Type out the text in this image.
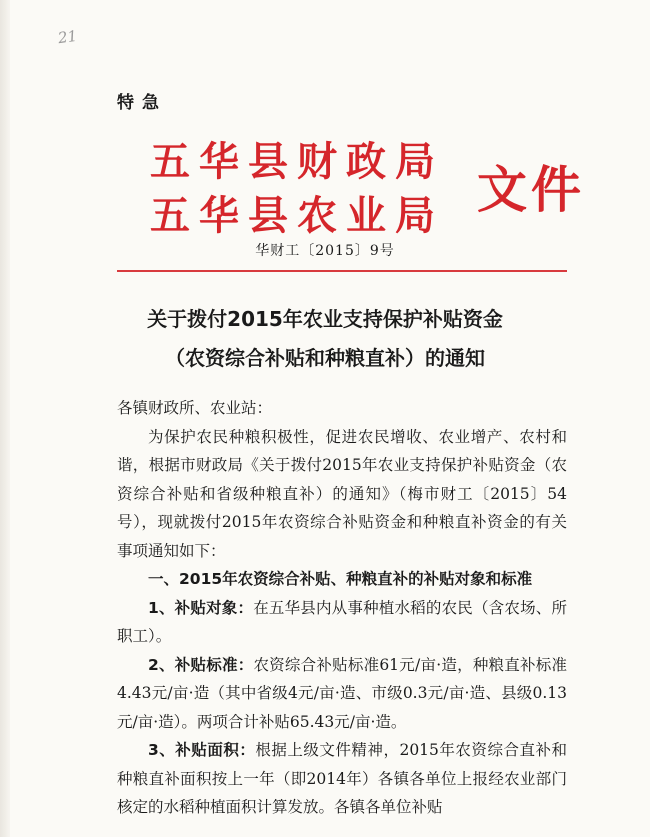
21
特急
五华县财政局
五华县农业局 文件
华财工〔2015〕9号
关于拨付2015年农业支持保护补贴资金
（农资综合补贴和种粮直补）的通知

各镇财政所、农业站：

为保护农民种粮积极性，促进农民增收、农业增产、农村和谐，根据市财政局《关于拨付2015年农业支持保护补贴资金（农资综合补贴和省级种粮直补）的通知》（梅市财工〔2015〕54号），现就拨付2015年农资综合补贴资金和种粮直补资金的有关事项通知如下：

一、2015年农资综合补贴、种粮直补的补贴对象和标准

1、补贴对象：在五华县内从事种植水稻的农民（含农场、所职工）。

2、补贴标准：农资综合补贴标准61元/亩·造，种粮直补标准4.43元/亩·造（其中省级4元/亩·造、市级0.3元/亩·造、县级0.13元/亩·造）。两项合计补贴65.43元/亩·造。

3、补贴面积：根据上级文件精神，2015年农资综合直补和种粮直补面积按上一年（即2014年）各镇各单位上报经农业部门核定的水稻种植面积计算发放。各镇各单位补贴
